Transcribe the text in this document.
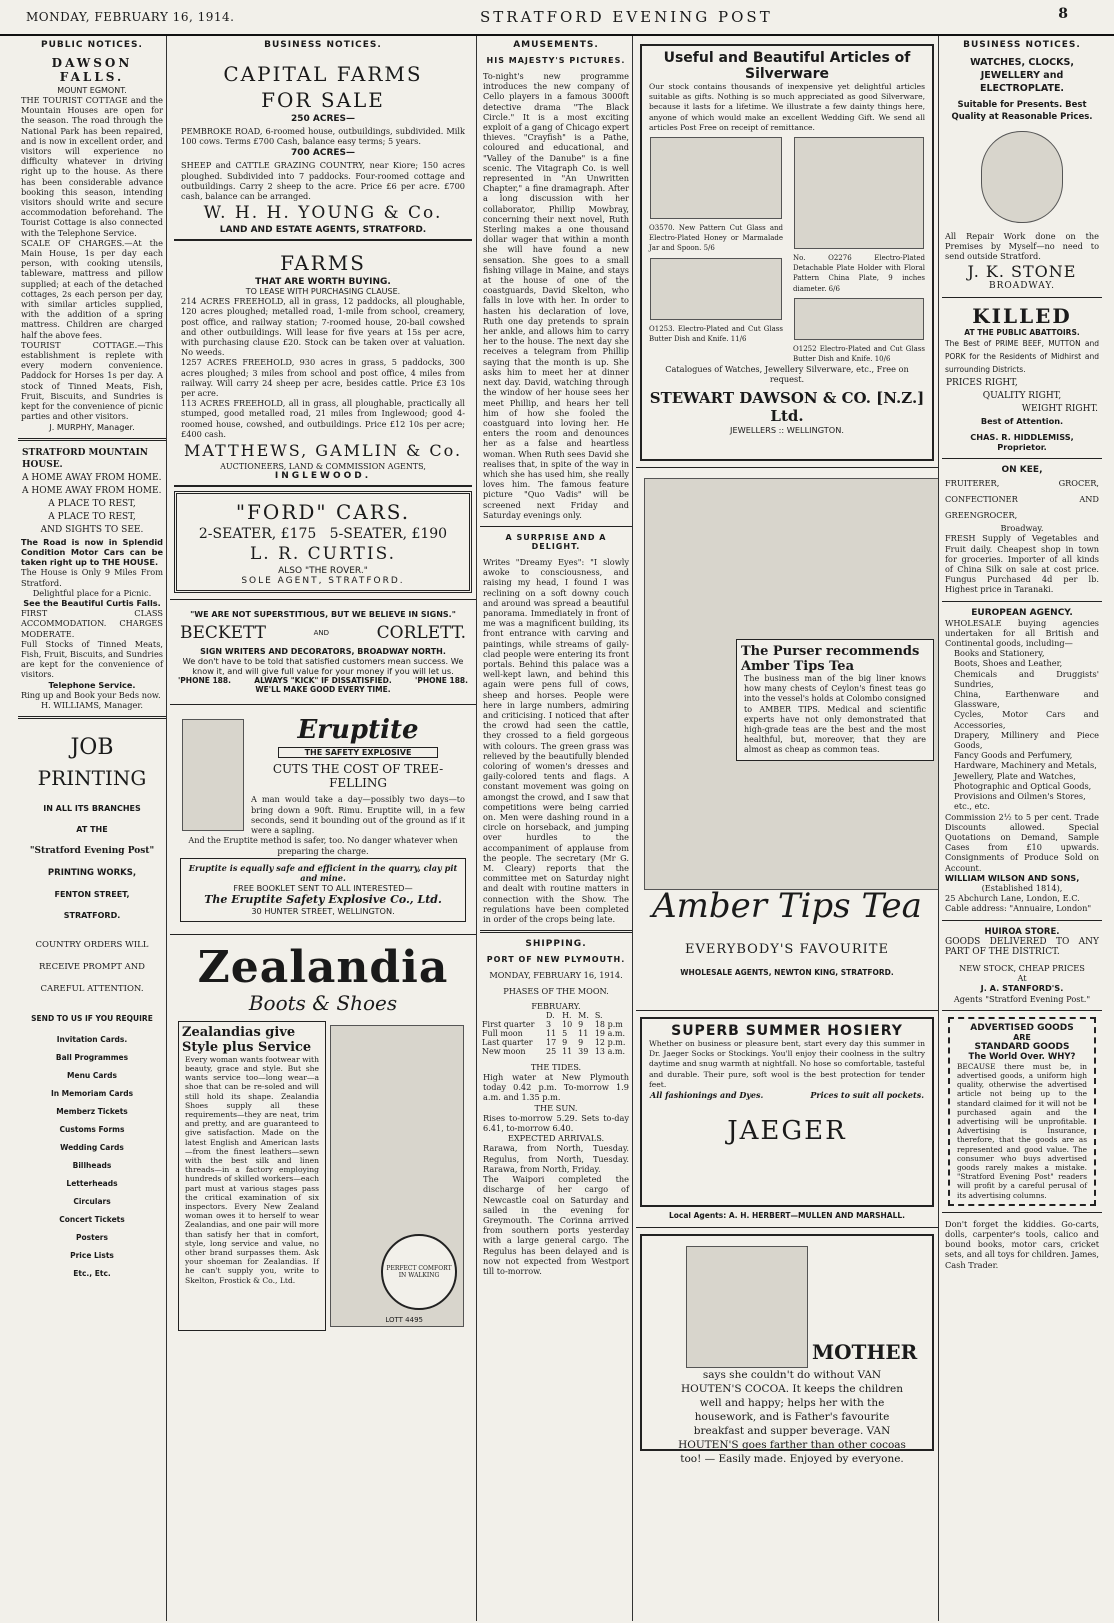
MONDAY, FEBRUARY 16, 1914.	STRATFORD EVENING POST	8
PUBLIC NOTICES.
DAWSON FALLS.
MOUNT EGMONT.

THE TOURIST COTTAGE and the Mountain Houses are open for the season. The road through the National Park has been repaired, and is now in excellent order, and visitors will experience no difficulty whatever in driving right up to the house. As there has been considerable advance booking this season, intending visitors should write and secure accommodation beforehand. The Tourist Cottage is also connected with the Telephone Service.

SCALE OF CHARGES.—At the Main House, 1s per day each person, with cooking utensils, tableware, mattress and pillow supplied; at each of the detached cottages, 2s each person per day, with similar articles supplied, with the addition of a spring mattress. Children are charged half the above fees.

TOURIST COTTAGE.—This establishment is replete with every modern convenience. Paddock for Horses 1s per day. A stock of Tinned Meats, Fish, Fruit, Biscuits, and Sundries is kept for the convenience of picnic parties and other visitors.

J. MURPHY, Manager.
STRATFORD MOUNTAIN HOUSE.
A HOME AWAY FROM HOME.
A HOME AWAY FROM HOME.
A PLACE TO REST,
A PLACE TO REST,
AND SIGHTS TO SEE.
The Road is now in Splendid Condition Motor Cars can be taken right up to THE HOUSE.
The House is Only 9 Miles From Stratford.
Delightful place for a Picnic.
See the Beautiful Curtis Falls.
FIRST CLASS ACCOMMODATION. CHARGES MODERATE.
Full Stocks of Tinned Meats, Fish, Fruit, Biscuits, and Sundries are kept for the convenience of visitors.
Telephone Service.
Ring up and Book your Beds now.
H. WILLIAMS, Manager.
JOB
PRINTING
IN ALL ITS BRANCHES
AT THE
"Stratford Evening Post"
PRINTING WORKS,
FENTON STREET,
STRATFORD.
COUNTRY ORDERS WILL RECEIVE PROMPT AND CAREFUL ATTENTION.
SEND TO US IF YOU REQUIRE
Invitation Cards.
Ball Programmes
Menu Cards
In Memoriam Cards
Memberz Tickets
Customs Forms
Wedding Cards
Billheads
Letterheads
Circulars
Concert Tickets
Posters
Price Lists
Etc., Etc.
BUSINESS NOTICES.
CAPITAL FARMS
FOR SALE
250 ACRES—

PEMBROKE ROAD, 6-roomed house, outbuildings, subdivided. Milk 100 cows. Terms £700 Cash, balance easy terms; 5 years.

700 ACRES—

SHEEP and CATTLE GRAZING COUNTRY, near Kiore; 150 acres ploughed. Subdivided into 7 paddocks. Four-roomed cottage and outbuildings. Carry 2 sheep to the acre. Price £6 per acre. £700 cash, balance can be arranged.

W. H. H. YOUNG & Co.
LAND AND ESTATE AGENTS, STRATFORD.
FARMS
THAT ARE WORTH BUYING.
TO LEASE WITH PURCHASING CLAUSE.

214 ACRES FREEHOLD, all in grass, 12 paddocks, all ploughable, 120 acres ploughed; metalled road, 1-mile from school, creamery, post office, and railway station; 7-roomed house, 20-bail cowshed and other outbuildings. Will lease for five years at 15s per acre, with purchasing clause £20. Stock can be taken over at valuation. No weeds.

1257 ACRES FREEHOLD, 930 acres in grass, 5 paddocks, 300 acres ploughed; 3 miles from school and post office, 4 miles from railway. Will carry 24 sheep per acre, besides cattle. Price £3 10s per acre.

113 ACRES FREEHOLD, all in grass, all ploughable, practically all stumped, good metalled road, 21 miles from Inglewood; good 4-roomed house, cowshed, and outbuildings. Price £12 10s per acre; £400 cash.

MATTHEWS, GAMLIN & Co.
AUCTIONEERS, LAND & COMMISSION AGENTS,
INGLEWOOD.
"FORD" CARS.
2-SEATER, £175 5-SEATER, £190
L. R. CURTIS.
ALSO "THE ROVER."
SOLE AGENT, STRATFORD.
"WE ARE NOT SUPERSTITIOUS, BUT WE BELIEVE IN SIGNS."
BECKETT	AND	CORLETT.
SIGN WRITERS AND DECORATORS, BROADWAY NORTH.

We don't have to be told that satisfied customers mean success. We know it, and will give full value for your money if you will let us.

'PHONE 188.	ALWAYS "KICK" IF DISSATISFIED. WE'LL MAKE GOOD EVERY TIME.
'PHONE 188.
Eruptite
THE SAFETY EXPLOSIVE
CUTS THE COST OF TREE-FELLING

A man would take a day—possibly two days—to bring down a 90ft. Rimu. Eruptite will, in a few seconds, send it bounding out of the ground as if it were a sapling.

And the Eruptite method is safer, too. No danger whatever when preparing the charge.

Eruptite is equally safe and efficient in the quarry, clay pit and mine.
FREE BOOKLET SENT TO ALL INTERESTED—
The Eruptite Safety Explosive Co., Ltd.
30 HUNTER STREET, WELLINGTON.
Zealandia
Boots & Shoes
Zealandias give Style plus Service

Every woman wants footwear with beauty, grace and style. But she wants service too—long wear—a shoe that can be re-soled and will still hold its shape. Zealandia Shoes supply all these requirements—they are neat, trim and pretty, and are guaranteed to give satisfaction. Made on the latest English and American lasts—from the finest leathers—sewn with the best silk and linen threads—in a factory employing hundreds of skilled workers—each part must at various stages pass the critical examination of six inspectors. Every New Zealand woman owes it to herself to wear Zealandias, and one pair will more than satisfy her that in comfort, style, long service and value, no other brand surpasses them. Ask your shoeman for Zealandias. If he can't supply you, write to Skelton, Frostick & Co., Ltd.

PERFECT COMFORT IN WALKING
LOTT 4495
AMUSEMENTS.
HIS MAJESTY'S PICTURES.

To-night's new programme introduces the new company of Cello players in a famous 3000ft detective drama "The Black Circle." It is a most exciting exploit of a gang of Chicago expert thieves. "Crayfish" is a Pathe, coloured and educational, and "Valley of the Danube" is a fine scenic. The Vitagraph Co. is well represented in "An Unwritten Chapter," a fine dramagraph. After a long discussion with her collaborator, Phillip Mowbray, concerning their next novel, Ruth Sterling makes a one thousand dollar wager that within a month she will have found a new sensation. She goes to a small fishing village in Maine, and stays at the house of one of the coastguards, David Skelton, who falls in love with her. In order to hasten his declaration of love, Ruth one day pretends to sprain her ankle, and allows him to carry her to the house. The next day she receives a telegram from Phillip saying that the month is up. She asks him to meet her at dinner next day. David, watching through the window of her house sees her meet Phillip, and hears her tell him of how she fooled the coastguard into loving her. He enters the room and denounces her as a false and heartless woman. When Ruth sees David she realises that, in spite of the way in which she has used him, she really loves him. The famous feature picture "Quo Vadis" will be screened next Friday and Saturday evenings only.

A SURPRISE AND A DELIGHT.

Writes "Dreamy Eyes": "I slowly awoke to consciousness, and raising my head, I found I was reclining on a soft downy couch and around was spread a beautiful panorama. Immediately in front of me was a magnificent building, its front entrance with carving and paintings, while streams of gaily-clad people were entering its front portals. Behind this palace was a well-kept lawn, and behind this again were pens full of cows, sheep and horses. People were here in large numbers, admiring and criticising. I noticed that after the crowd had seen the cattle, they crossed to a field gorgeous with colours. The green grass was relieved by the beautifully blended coloring of women's dresses and gaily-colored tents and flags. A constant movement was going on amongst the crowd, and I saw that competitions were being carried on. Men were dashing round in a circle on horseback, and jumping over hurdles to the accompaniment of applause from the people. The secretary (Mr G. M. Cleary) reports that the committee met on Saturday night and dealt with routine matters in connection with the Show. The regulations have been completed in order of the crops being late.

SHIPPING.
PORT OF NEW PLYMOUTH.
MONDAY, FEBRUARY 16, 1914.
PHASES OF THE MOON.
FEBRUARY.
	D.	H.	M.	S.
First quarter	3	10	9	18 p.m
Full moon	11	5	11	19 a.m.
Last quarter	17	9	9	12 p.m.
New moon	25	11	39	13 a.m.
THE TIDES.

High water at New Plymouth today 0.42 p.m. To-morrow 1.9 a.m. and 1.35 p.m.

THE SUN.

Rises to-morrow 5.29. Sets to-day 6.41, to-morrow 6.40.

EXPECTED ARRIVALS.

Rarawa, from North, Tuesday. Regulus, from North, Tuesday. Rarawa, from North, Friday.

The Waipori completed the discharge of her cargo of Newcastle coal on Saturday and sailed in the evening for Greymouth. The Corinna arrived from southern ports yesterday with a large general cargo. The Regulus has been delayed and is now not expected from Westport till to-morrow.

Useful and Beautiful Articles of Silverware

Our stock contains thousands of inexpensive yet delightful articles suitable as gifts. Nothing is so much appreciated as good Silverware, because it lasts for a lifetime. We illustrate a few dainty things here, anyone of which would make an excellent Wedding Gift. We send all articles Post Free on receipt of remittance.

O3570. New Pattern Cut Glass and Electro-Plated Honey or Marmalade Jar and Spoon. 5/6

O1253. Electro-Plated and Cut Glass Butter Dish and Knife. 11/6

No. O2276 Electro-Plated Detachable Plate Holder with Floral Pattern China Plate, 9 inches diameter. 6/6

O1252 Electro-Plated and Cut Glass Butter Dish and Knife. 10/6

Catalogues of Watches, Jewellery Silverware, etc., Free on request.
STEWART DAWSON & CO. [N.Z.] Ltd.
JEWELLERS :: WELLINGTON.
The Purser recommends Amber Tips Tea

The business man of the big liner knows how many chests of Ceylon's finest teas go into the vessel's holds at Colombo consigned to AMBER TIPS. Medical and scientific experts have not only demonstrated that high-grade teas are the best and the most healthful, but, moreover, that they are almost as cheap as common teas.

Amber Tips Tea
EVERYBODY'S FAVOURITE
WHOLESALE AGENTS, NEWTON KING, STRATFORD.
SUPERB SUMMER HOSIERY

Whether on business or pleasure bent, start every day this summer in Dr. Jaeger Socks or Stockings. You'll enjoy their coolness in the sultry daytime and snug warmth at nightfall. No hose so comfortable, tasteful and durable. Their pure, soft wool is the best protection for tender feet.

All fashionings and Dyes.	Prices to suit all pockets.
JAEGER
Local Agents: A. H. HERBERT—MULLEN AND MARSHALL.
MOTHER

says she couldn't do without VAN HOUTEN'S COCOA. It keeps the children well and happy; helps her with the housework, and is Father's favourite breakfast and supper beverage. VAN HOUTEN'S goes farther than other cocoas too! — Easily made. Enjoyed by everyone.

BUSINESS NOTICES.
WATCHES, CLOCKS, JEWELLERY and ELECTROPLATE.
Suitable for Presents. Best Quality at Reasonable Prices.

All Repair Work done on the Premises by Myself—no need to send outside Stratford.

J. K. STONE
BROADWAY.
KILLED
AT THE PUBLIC ABATTOIRS.

The Best of PRIME BEEF, MUTTON and PORK for the Residents of Midhirst and surrounding Districts.

PRICES RIGHT,
QUALITY RIGHT,
WEIGHT RIGHT.
Best of Attention.
CHAS. R. HIDDLEMISS,
Proprietor.
ON KEE,
FRUITERER, GROCER, CONFECTIONER AND GREENGROCER,
Broadway.

FRESH Supply of Vegetables and Fruit daily. Cheapest shop in town for groceries. Importer of all kinds of China Silk on sale at cost price. Fungus Purchased 4d per lb. Highest price in Taranaki.

EUROPEAN AGENCY.

WHOLESALE buying agencies undertaken for all British and Continental goods, including—

Books and Stationery,
Boots, Shoes and Leather,
Chemicals and Druggists' Sundries,
China, Earthenware and Glassware,
Cycles, Motor Cars and Accessories,
Drapery, Millinery and Piece Goods,
Fancy Goods and Perfumery,
Hardware, Machinery and Metals,
Jewellery, Plate and Watches,
Photographic and Optical Goods,
Provisions and Oilmen's Stores,
etc., etc.

Commission 2½ to 5 per cent. Trade Discounts allowed. Special Quotations on Demand, Sample Cases from £10 upwards. Consignments of Produce Sold on Account.

WILLIAM WILSON AND SONS,
(Established 1814),
25 Abchurch Lane, London, E.C.
Cable address: "Annuaire, London"
HUIROA STORE.
GOODS DELIVERED TO ANY PART OF THE DISTRICT.
NEW STOCK, CHEAP PRICES
At
J. A. STANFORD'S.
Agents "Stratford Evening Post."
ADVERTISED GOODS
ARE
STANDARD GOODS
The World Over. WHY?

BECAUSE there must be, in advertised goods, a uniform high quality, otherwise the advertised article not being up to the standard claimed for it will not be purchased again and the advertising will be unprofitable. Advertising is Insurance, therefore, that the goods are as represented and good value. The consumer who buys advertised goods rarely makes a mistake. "Stratford Evening Post" readers will profit by a careful perusal of its advertising columns.

Don't forget the kiddies. Go-carts, dolls, carpenter's tools, calico and bound books, motor cars, cricket sets, and all toys for children. James, Cash Trader.
